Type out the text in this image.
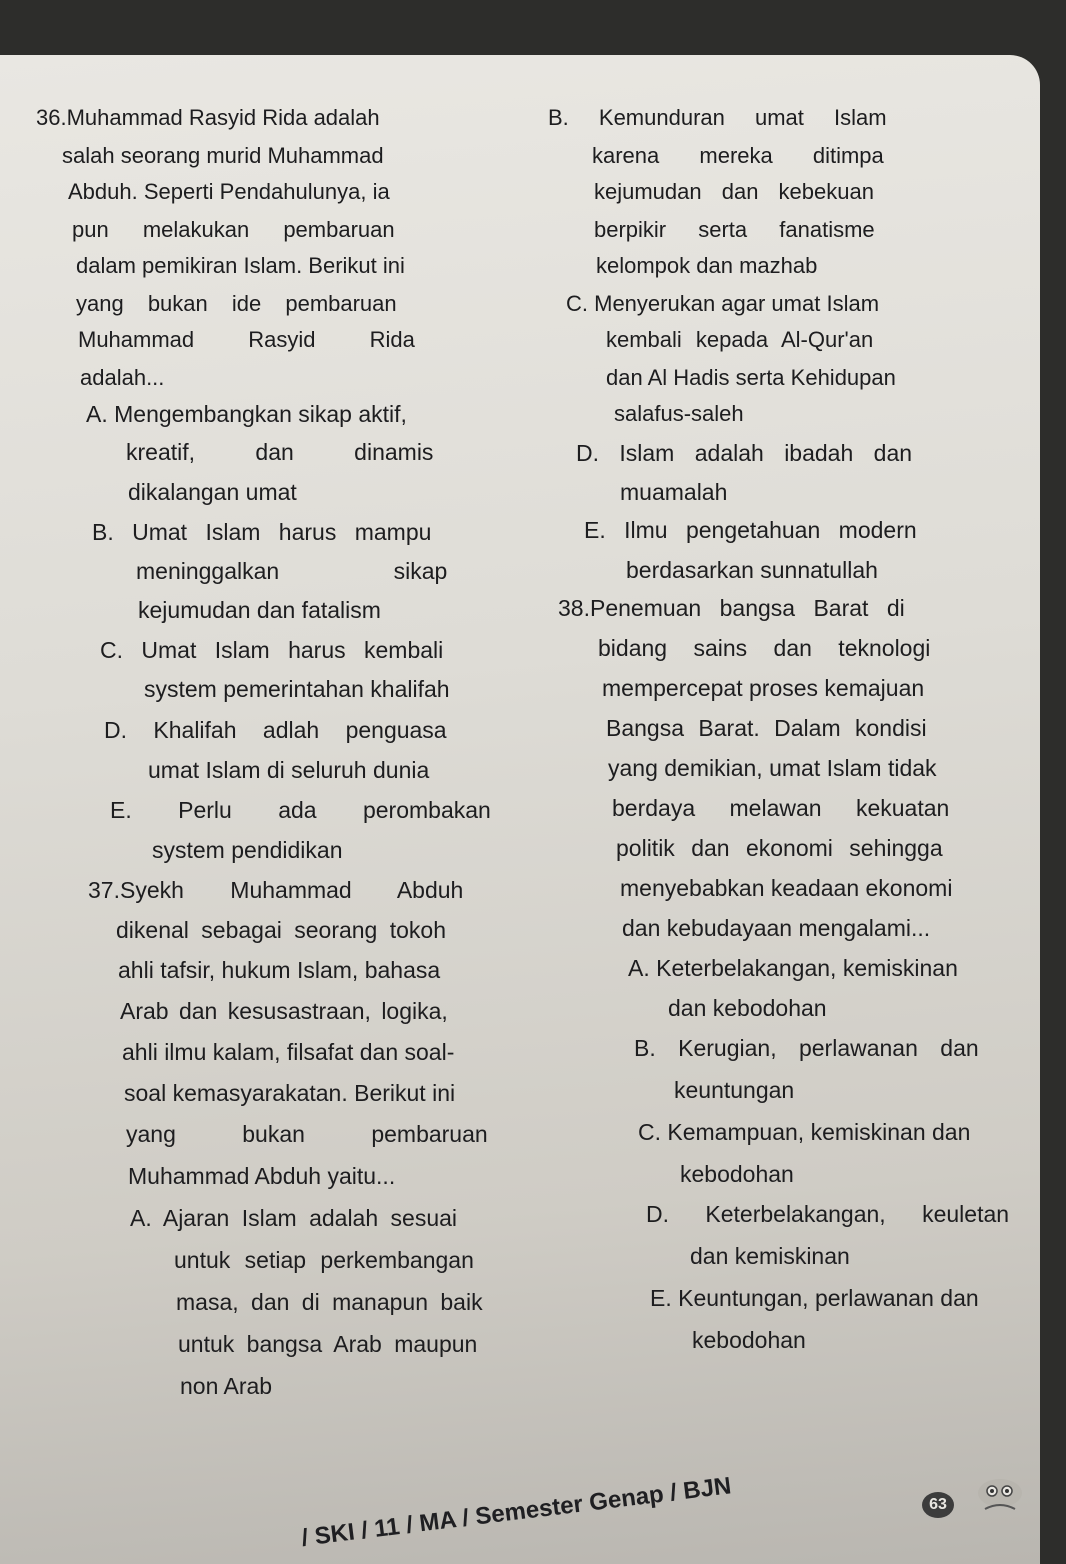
36.Muhammad Rasyid Rida adalah
salah seorang murid Muhammad
Abduh. Seperti Pendahulunya, ia
pun melakukan pembaruan
dalam pemikiran Islam. Berikut ini
yang bukan ide pembaruan
Muhammad Rasyid Rida
adalah...
A. Mengembangkan sikap aktif,
kreatif, dan dinamis
dikalangan umat
B. Umat Islam harus mampu
meninggalkan sikap
kejumudan dan fatalism
C. Umat Islam harus kembali
system pemerintahan khalifah
D. Khalifah adlah penguasa
umat Islam di seluruh dunia
E. Perlu ada perombakan
system pendidikan
37.Syekh Muhammad Abduh
dikenal sebagai seorang tokoh
ahli tafsir, hukum Islam, bahasa
Arab dan kesusastraan, logika,
ahli ilmu kalam, filsafat dan soal-
soal kemasyarakatan. Berikut ini
yang bukan pembaruan
Muhammad Abduh yaitu...
A. Ajaran Islam adalah sesuai
untuk setiap perkembangan
masa, dan di manapun baik
untuk bangsa Arab maupun
non Arab
B. Kemunduran umat Islam
karena mereka ditimpa
kejumudan dan kebekuan
berpikir serta fanatisme
kelompok dan mazhab
C. Menyerukan agar umat Islam
kembali kepada Al-Qur'an
dan Al Hadis serta Kehidupan
salafus-saleh
D. Islam adalah ibadah dan
muamalah
E. Ilmu pengetahuan modern
berdasarkan sunnatullah
38.Penemuan bangsa Barat di
bidang sains dan teknologi
mempercepat proses kemajuan
Bangsa Barat. Dalam kondisi
yang demikian, umat Islam tidak
berdaya melawan kekuatan
politik dan ekonomi sehingga
menyebabkan keadaan ekonomi
dan kebudayaan mengalami...
A. Keterbelakangan, kemiskinan
dan kebodohan
B. Kerugian, perlawanan dan
keuntungan
C. Kemampuan, kemiskinan dan
kebodohan
D. Keterbelakangan, keuletan
dan kemiskinan
E. Keuntungan, perlawanan dan
kebodohan
63
/ SKI / 11 / MA / Semester Genap / BJN
